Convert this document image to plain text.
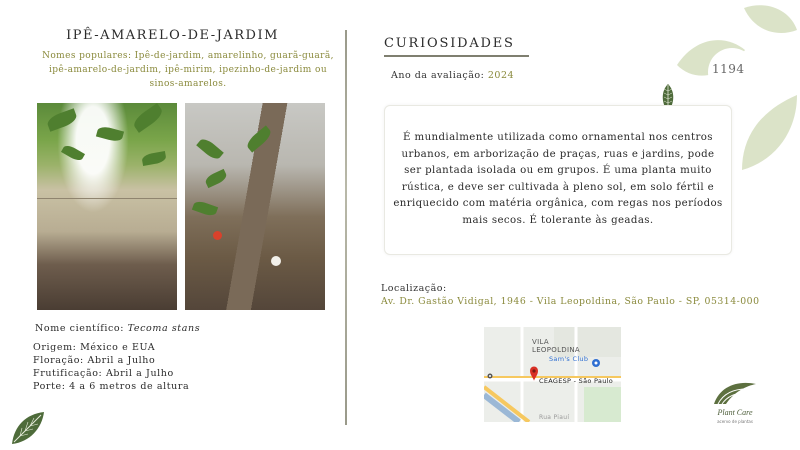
IPÊ-AMARELO-DE-JARDIM
Nomes populares: Ipê-de-jardim, amarelinho, guarã-guarã, ipê-amarelo-de-jardim, ipê-mirim, ipezinho-de-jardim ou sinos-amarelos.
Nome científico: Tecoma stans
Origem: México e EUA
Floração: Abril a Julho
Frutificação: Abril a Julho
Porte: 4 a 6 metros de altura
CURIOSIDADES
Ano da avaliação: 2024
É mundialmente utilizada como ornamental nos centros urbanos, em arborização de praças, ruas e jardins, pode ser plantada isolada ou em grupos. É uma planta muito rústica, e deve ser cultivada à pleno sol, em solo fértil e enriquecido com matéria orgânica, com regas nos períodos mais secos. É tolerante às geadas.
Localização:
Av. Dr. Gastão Vidigal, 1946 - Vila Leopoldina, São Paulo - SP, 05314-000
VILA
LEOPOLDINA
Sam's Club
CEAGESP - São Paulo
Rua Piauí
1194
Plant Care
acervo de plantas
